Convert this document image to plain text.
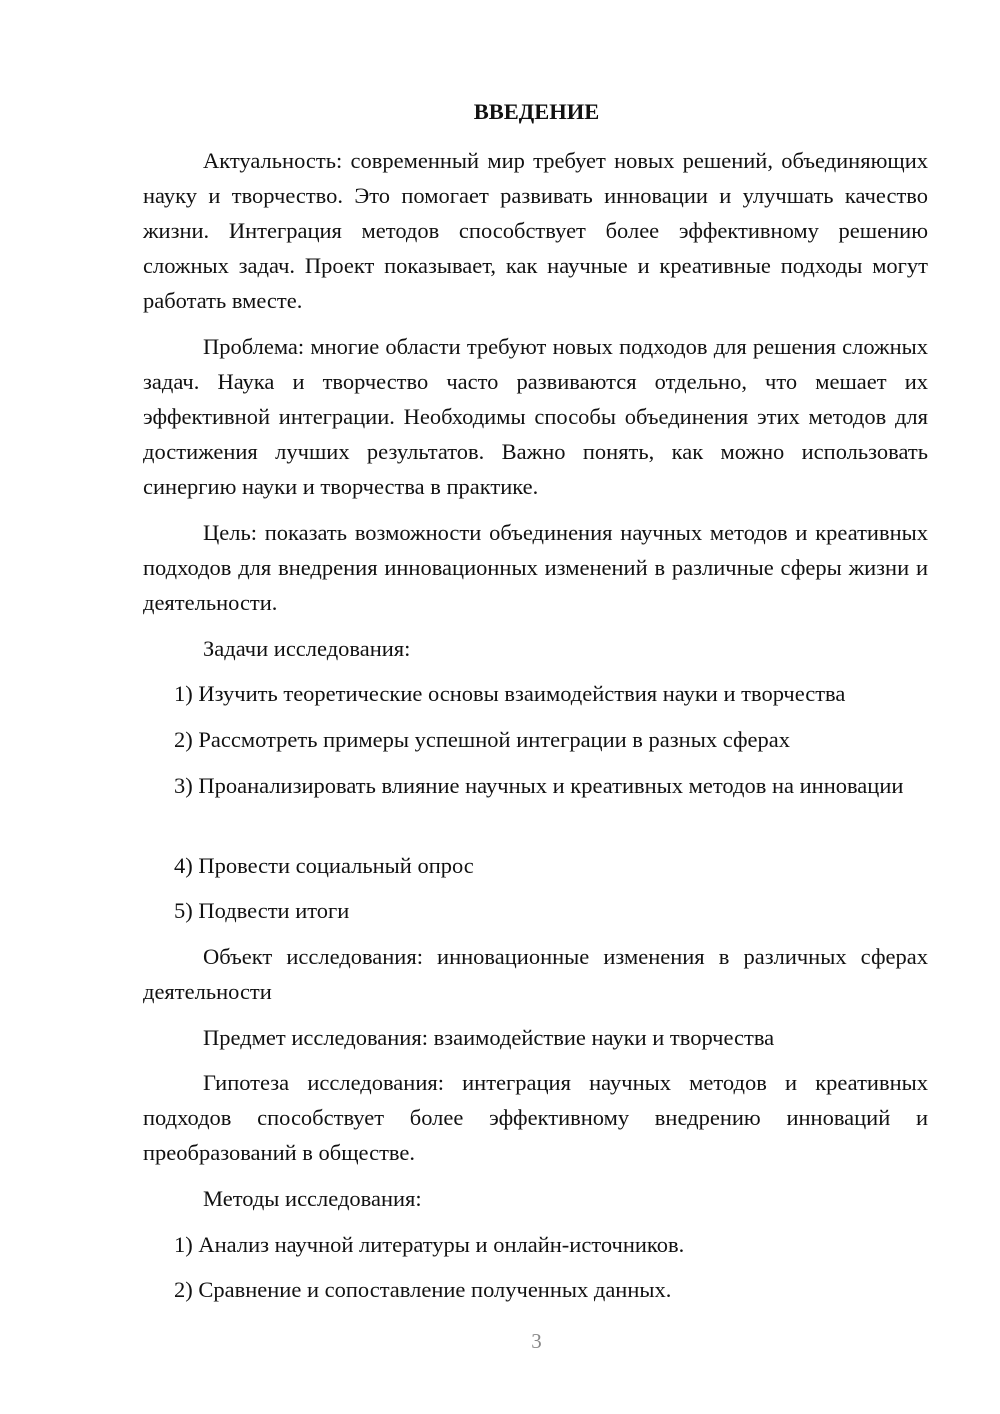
ВВЕДЕНИЕ

Актуальность: современный мир требует новых решений, объединяющих науку и творчество. Это помогает развивать инновации и улучшать качество жизни. Интеграция методов способствует более эффективному решению сложных задач. Проект показывает, как научные и креативные подходы могут работать вместе.

Проблема: многие области требуют новых подходов для решения сложных задач. Наука и творчество часто развиваются отдельно, что мешает их эффективной интеграции. Необходимы способы объединения этих методов для достижения лучших результатов. Важно понять, как можно использовать синергию науки и творчества в практике.

Цель: показать возможности объединения научных методов и креативных подходов для внедрения инновационных изменений в различные сферы жизни и деятельности.

Задачи исследования:

1) Изучить теоретические основы взаимодействия науки и творчества

2) Рассмотреть примеры успешной интеграции в разных сферах

3) Проанализировать влияние научных и креативных методов на инновации

4) Провести социальный опрос

5) Подвести итоги

Объект исследования: инновационные изменения в различных сферах деятельности

Предмет исследования: взаимодействие науки и творчества

Гипотеза исследования: интеграция научных методов и креативных подходов способствует более эффективному внедрению инноваций и преобразований в обществе.

Методы исследования:

1) Анализ научной литературы и онлайн-источников.

2) Сравнение и сопоставление полученных данных.

3
